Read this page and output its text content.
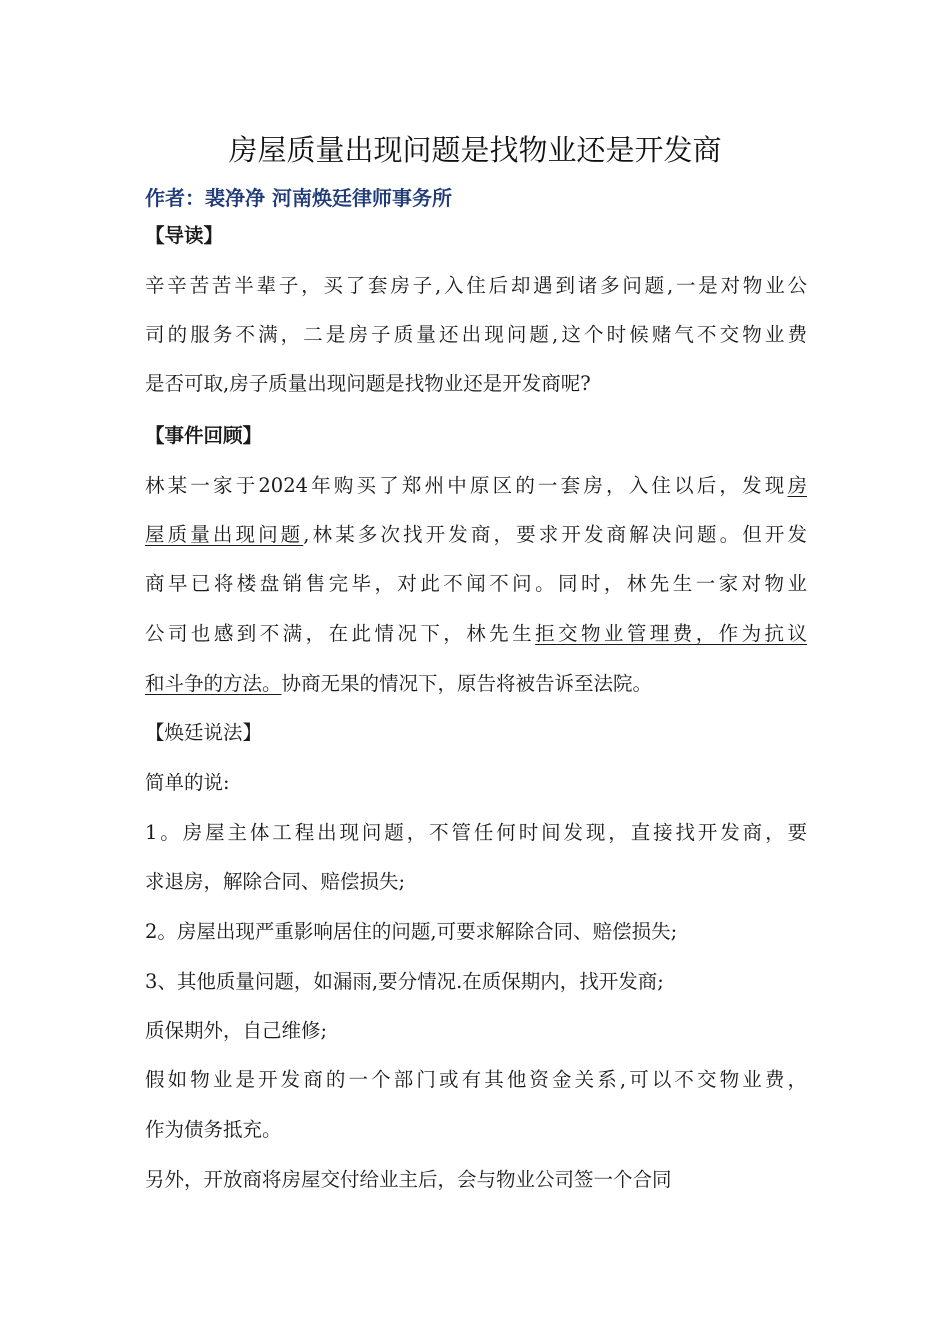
房屋质量出现问题是找物业还是开发商
作者：裴净净 河南焕廷律师事务所
【导读】
辛辛苦苦半辈子，买了套房子,入住后却遇到诸多问题,一是对物业公
司的服务不满，二是房子质量还出现问题,这个时候赌气不交物业费
是否可取,房子质量出现问题是找物业还是开发商呢?
【事件回顾】
林某一家于2024年购买了郑州中原区的一套房，入住以后，发现房
屋质量出现问题,林某多次找开发商，要求开发商解决问题。但开发
商早已将楼盘销售完毕，对此不闻不问。同时，林先生一家对物业
公司也感到不满，在此情况下，林先生拒交物业管理费，作为抗议
和斗争的方法。协商无果的情况下，原告将被告诉至法院。
【焕廷说法】
简单的说:
1。房屋主体工程出现问题，不管任何时间发现，直接找开发商，要
求退房，解除合同、赔偿损失;
2。房屋出现严重影响居住的问题,可要求解除合同、赔偿损失;
3、其他质量问题，如漏雨,要分情况.在质保期内，找开发商;
质保期外，自己维修;
假如物业是开发商的一个部门或有其他资金关系,可以不交物业费，
作为债务抵充。
另外，开放商将房屋交付给业主后，会与物业公司签一个合同
